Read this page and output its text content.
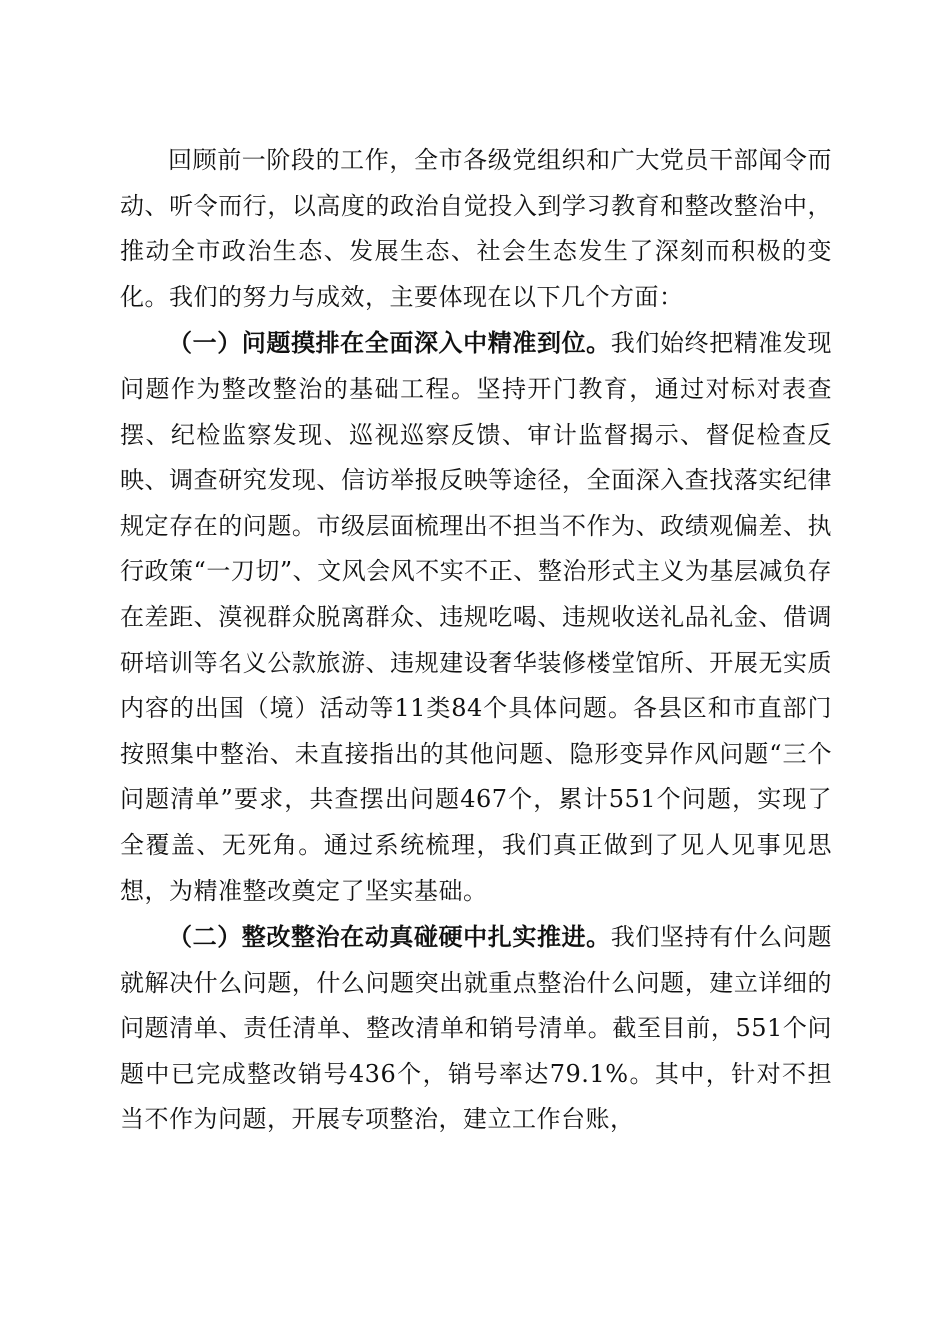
回顾前一阶段的工作，全市各级党组织和广大党员干部闻令而动、听令而行，以高度的政治自觉投入到学习教育和整改整治中，推动全市政治生态、发展生态、社会生态发生了深刻而积极的变化。我们的努力与成效，主要体现在以下几个方面：

（一）问题摸排在全面深入中精准到位。我们始终把精准发现问题作为整改整治的基础工程。坚持开门教育，通过对标对表查摆、纪检监察发现、巡视巡察反馈、审计监督揭示、督促检查反映、调查研究发现、信访举报反映等途径，全面深入查找落实纪律规定存在的问题。市级层面梳理出不担当不作为、政绩观偏差、执行政策“一刀切”、文风会风不实不正、整治形式主义为基层减负存在差距、漠视群众脱离群众、违规吃喝、违规收送礼品礼金、借调研培训等名义公款旅游、违规建设奢华装修楼堂馆所、开展无实质内容的出国（境）活动等11类84个具体问题。各县区和市直部门按照集中整治、未直接指出的其他问题、隐形变异作风问题“三个问题清单”要求，共查摆出问题467个，累计551个问题，实现了全覆盖、无死角。通过系统梳理，我们真正做到了见人见事见思想，为精准整改奠定了坚实基础。

（二）整改整治在动真碰硬中扎实推进。我们坚持有什么问题就解决什么问题，什么问题突出就重点整治什么问题，建立详细的问题清单、责任清单、整改清单和销号清单。截至目前，551个问题中已完成整改销号436个，销号率达79.1%。其中，针对不担当不作为问题，开展专项整治，建立工作台账，
